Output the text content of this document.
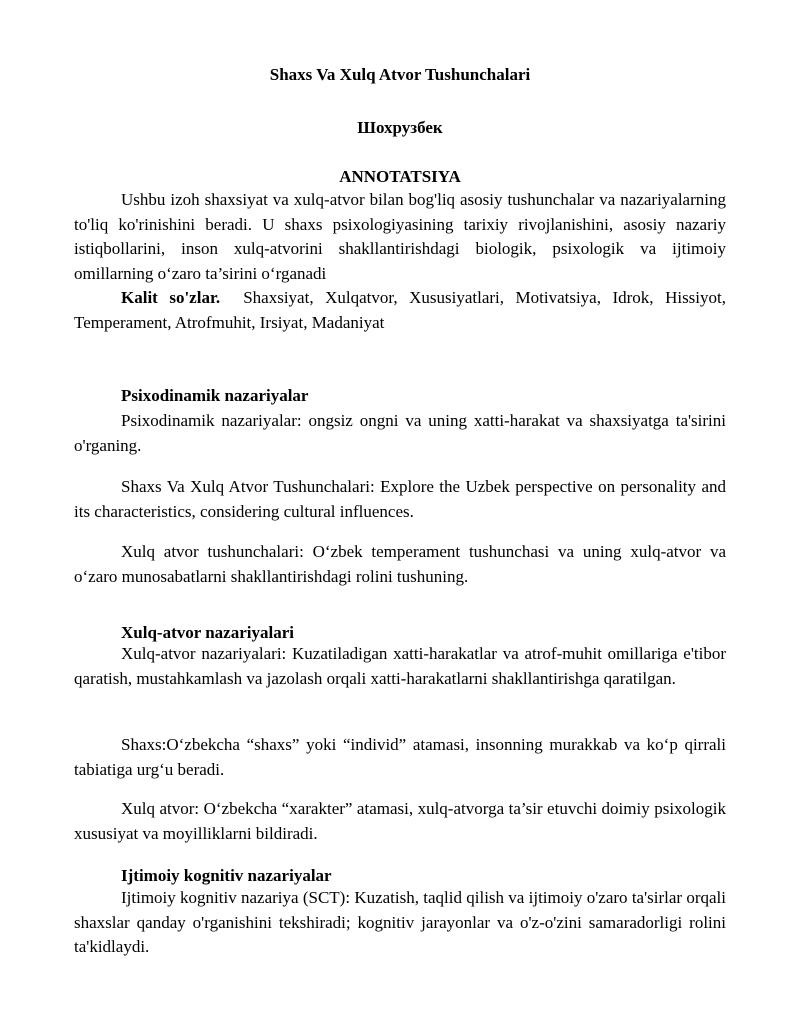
Shaxs Va Xulq Atvor Tushunchalari
Шохрузбек
ANNOTATSIYA

Ushbu izoh shaxsiyat va xulq-atvor bilan bog'liq asosiy tushunchalar va nazariyalarning to'liq ko'rinishini beradi. U shaxs psixologiyasining tarixiy rivojlanishini, asosiy nazariy istiqbollarini, inson xulq-atvorini shakllantirishdagi biologik, psixologik va ijtimoiy omillarning o‘zaro ta’sirini o‘rganadi

Kalit so'zlar. Shaxsiyat, Xulqatvor, Xususiyatlari, Motivatsiya, Idrok, Hissiyot, Temperament, Atrofmuhit, Irsiyat, Madaniyat

Psixodinamik nazariyalar

Psixodinamik nazariyalar: ongsiz ongni va uning xatti-harakat va shaxsiyatga ta'sirini o'rganing.

Shaxs Va Xulq Atvor Tushunchalari: Explore the Uzbek perspective on personality and its characteristics, considering cultural influences.

Xulq atvor tushunchalari: O‘zbek temperament tushunchasi va uning xulq-atvor va o‘zaro munosabatlarni shakllantirishdagi rolini tushuning.

Xulq-atvor nazariyalari

Xulq-atvor nazariyalari: Kuzatiladigan xatti-harakatlar va atrof-muhit omillariga e'tibor qaratish, mustahkamlash va jazolash orqali xatti-harakatlarni shakllantirishga qaratilgan.

Shaxs:O‘zbekcha “shaxs” yoki “individ” atamasi, insonning murakkab va ko‘p qirrali tabiatiga urg‘u beradi.

Xulq atvor: O‘zbekcha “xarakter” atamasi, xulq-atvorga ta’sir etuvchi doimiy psixologik xususiyat va moyilliklarni bildiradi.

Ijtimoiy kognitiv nazariyalar

Ijtimoiy kognitiv nazariya (SCT): Kuzatish, taqlid qilish va ijtimoiy o'zaro ta'sirlar orqali shaxslar qanday o'rganishini tekshiradi; kognitiv jarayonlar va o'z-o'zini samaradorligi rolini ta'kidlaydi.
